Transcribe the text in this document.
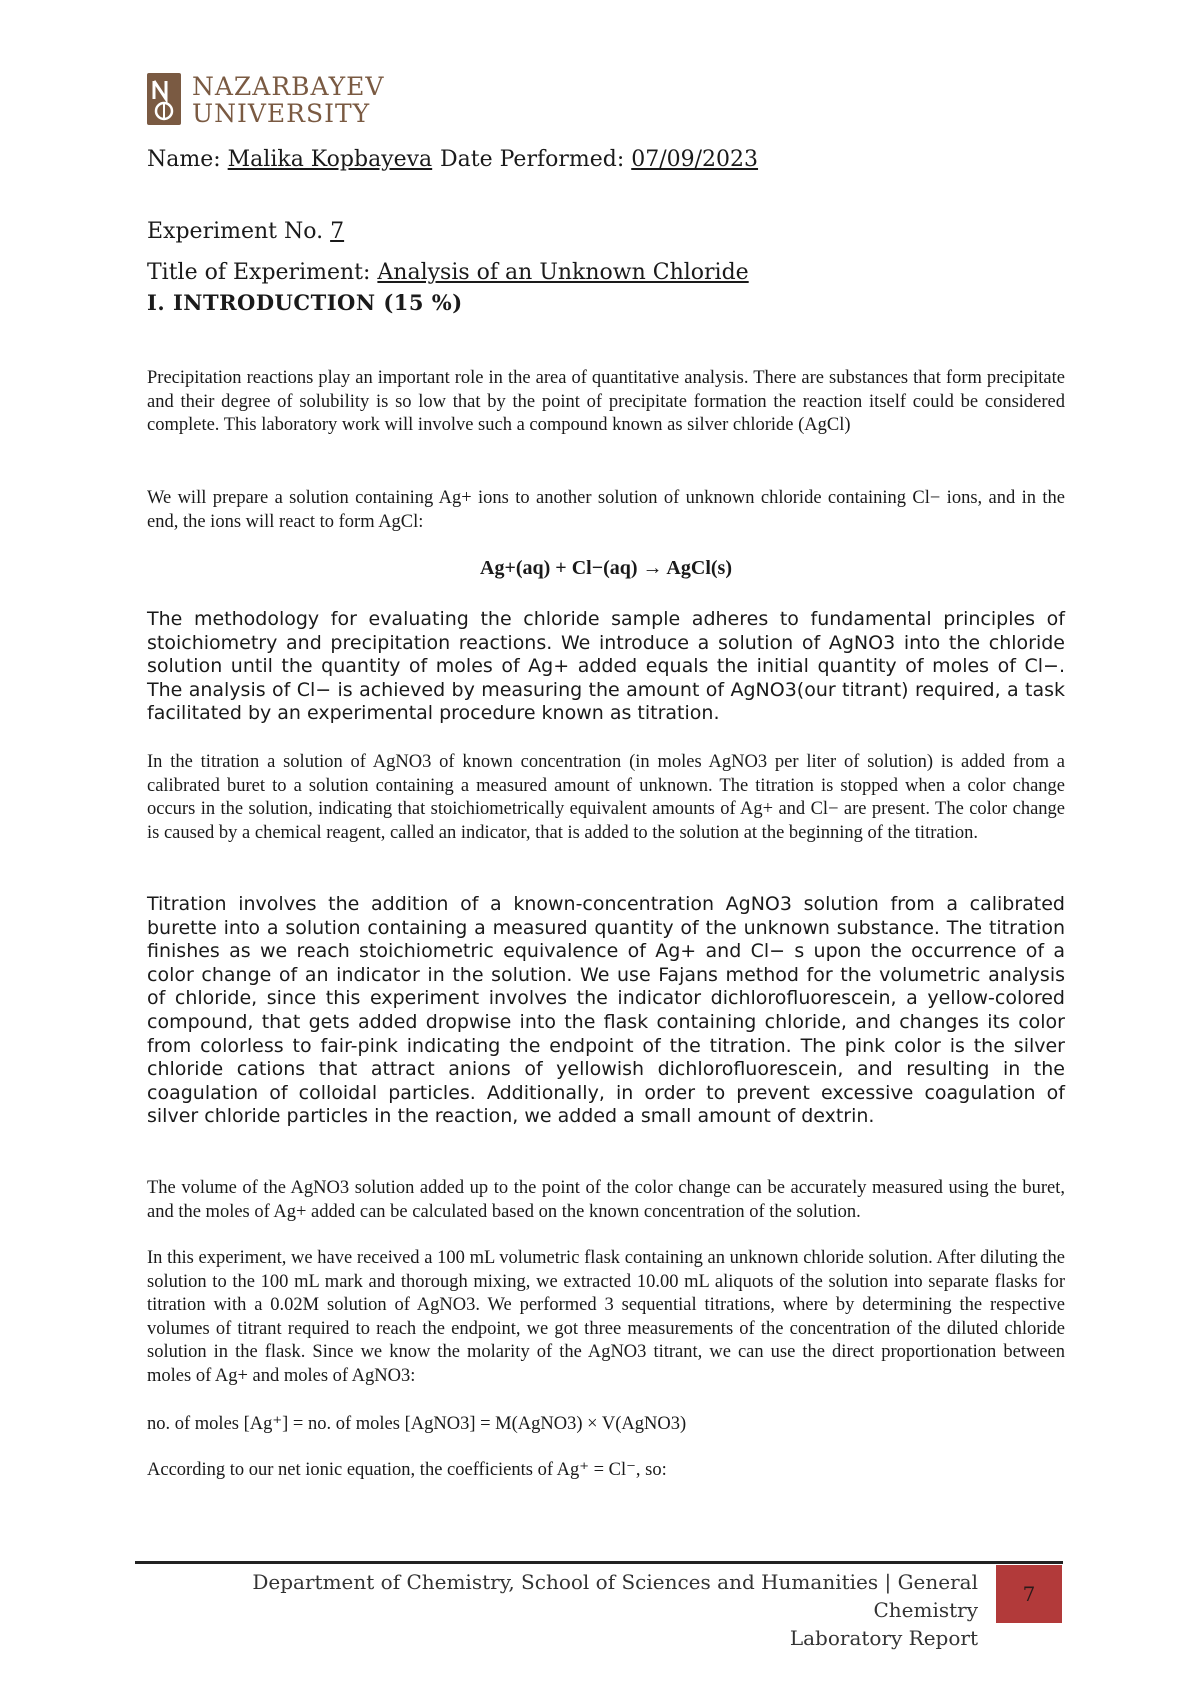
NAZARBAYEV
UNIVERSITY
Name: Malika Kopbayeva Date Performed: 07/09/2023
Experiment No. 7
Title of Experiment: Analysis of an Unknown Chloride
I. INTRODUCTION (15 %)

Precipitation reactions play an important role in the area of quantitative analysis. There are substances that form precipitate and their degree of solubility is so low that by the point of precipitate formation the reaction itself could be considered complete. This laboratory work will involve such a compound known as silver chloride (AgCl)

We will prepare a solution containing Ag+ ions to another solution of unknown chloride containing Cl− ions, and in the end, the ions will react to form AgCl:

Ag+(aq) + Cl−(aq) → AgCl(s)

The methodology for evaluating the chloride sample adheres to fundamental principles of stoichiometry and precipitation reactions. We introduce a solution of AgNO3 into the chloride solution until the quantity of moles of Ag+ added equals the initial quantity of moles of Cl−. The analysis of Cl− is achieved by measuring the amount of AgNO3(our titrant) required, a task facilitated by an experimental procedure known as titration.

In the titration a solution of AgNO3 of known concentration (in moles AgNO3 per liter of solution) is added from a calibrated buret to a solution containing a measured amount of unknown. The titration is stopped when a color change occurs in the solution, indicating that stoichiometrically equivalent amounts of Ag+ and Cl− are present. The color change is caused by a chemical reagent, called an indicator, that is added to the solution at the beginning of the titration.

Titration involves the addition of a known-concentration AgNO3 solution from a calibrated burette into a solution containing a measured quantity of the unknown substance. The titration finishes as we reach stoichiometric equivalence of Ag+ and Cl− s upon the occurrence of a color change of an indicator in the solution. We use Fajans method for the volumetric analysis of chloride, since this experiment involves the indicator dichlorofluorescein, a yellow-colored compound, that gets added dropwise into the flask containing chloride, and changes its color from colorless to fair-pink indicating the endpoint of the titration. The pink color is the silver chloride cations that attract anions of yellowish dichlorofluorescein, and resulting in the coagulation of colloidal particles. Additionally, in order to prevent excessive coagulation of silver chloride particles in the reaction, we added a small amount of dextrin.

The volume of the AgNO3 solution added up to the point of the color change can be accurately measured using the buret, and the moles of Ag+ added can be calculated based on the known concentration of the solution.

In this experiment, we have received a 100 mL volumetric flask containing an unknown chloride solution. After diluting the solution to the 100 mL mark and thorough mixing, we extracted 10.00 mL aliquots of the solution into separate flasks for titration with a 0.02M solution of AgNO3. We performed 3 sequential titrations, where by determining the respective volumes of titrant required to reach the endpoint, we got three measurements of the concentration of the diluted chloride solution in the flask. Since we know the molarity of the AgNO3 titrant, we can use the direct proportionation between moles of Ag+ and moles of AgNO3:

no. of moles [Ag⁺] = no. of moles [AgNO3] = M(AgNO3) × V(AgNO3)
According to our net ionic equation, the coefficients of Ag⁺ = Cl⁻, so:
Department of Chemistry, School of Sciences and Humanities | General Chemistry
Laboratory Report
7
